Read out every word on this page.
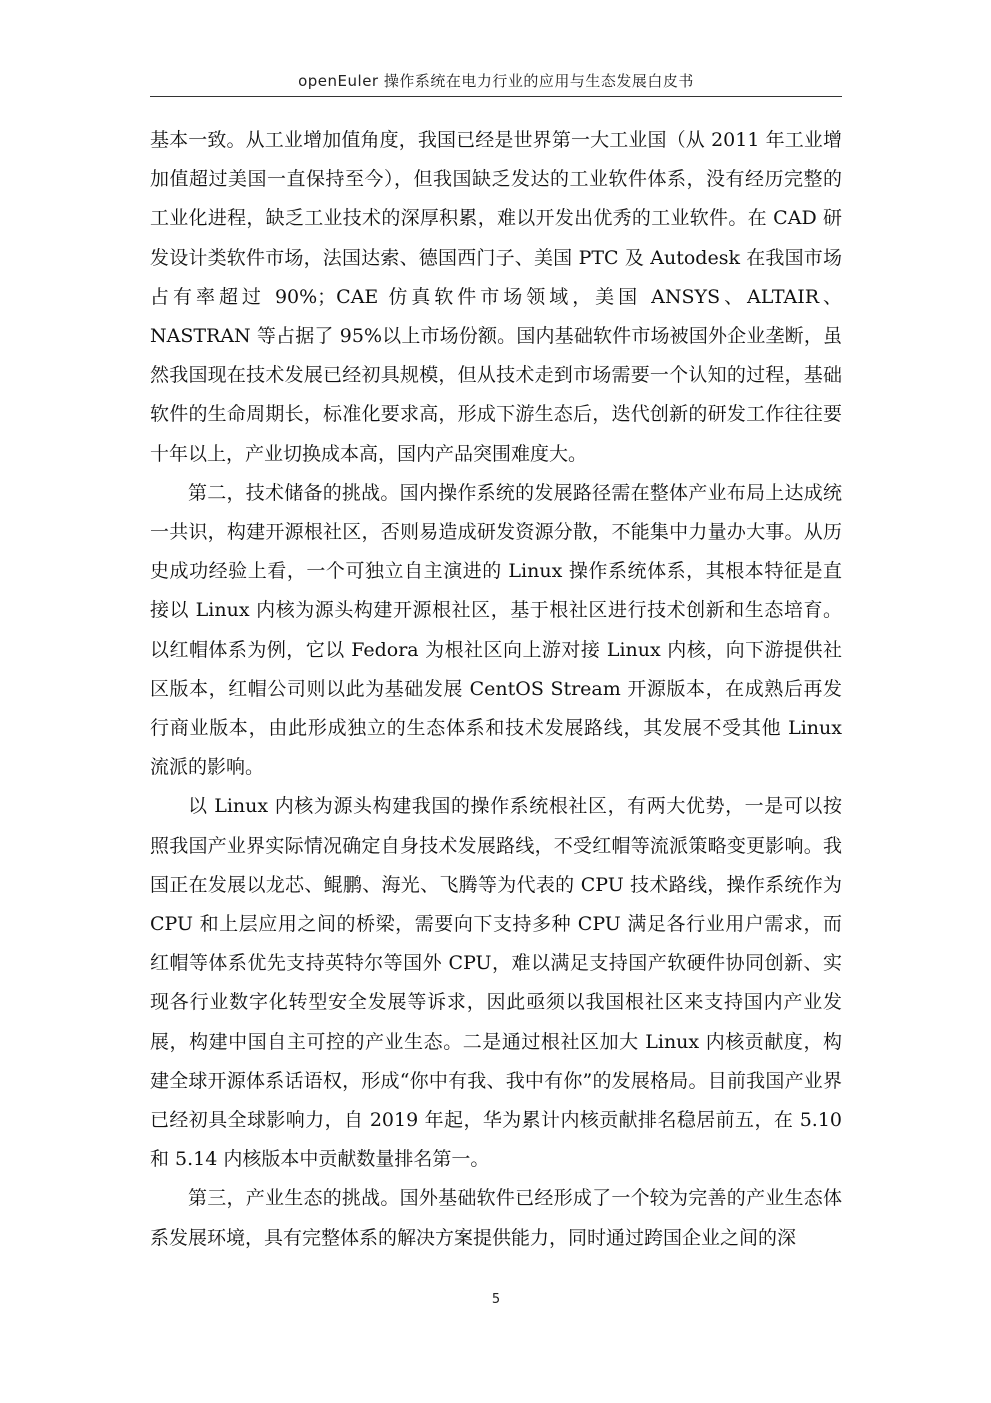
openEuler 操作系统在电力行业的应用与生态发展白皮书

基本一致。从工业增加值角度，我国已经是世界第一大工业国（从 2011 年工业增加值超过美国一直保持至今），但我国缺乏发达的工业软件体系，没有经历完整的工业化进程，缺乏工业技术的深厚积累，难以开发出优秀的工业软件。在 CAD 研发设计类软件市场，法国达索、德国西门子、美国 PTC 及 Autodesk 在我国市场占有率超过 90%；CAE 仿真软件市场领域，美国 ANSYS、ALTAIR、NASTRAN 等占据了 95%以上市场份额。国内基础软件市场被国外企业垄断，虽然我国现在技术发展已经初具规模，但从技术走到市场需要一个认知的过程，基础软件的生命周期长，标准化要求高，形成下游生态后，迭代创新的研发工作往往要十年以上，产业切换成本高，国内产品突围难度大。

第二，技术储备的挑战。国内操作系统的发展路径需在整体产业布局上达成统一共识，构建开源根社区，否则易造成研发资源分散，不能集中力量办大事。从历史成功经验上看，一个可独立自主演进的 Linux 操作系统体系，其根本特征是直接以 Linux 内核为源头构建开源根社区，基于根社区进行技术创新和生态培育。以红帽体系为例，它以 Fedora 为根社区向上游对接 Linux 内核，向下游提供社区版本，红帽公司则以此为基础发展 CentOS Stream 开源版本，在成熟后再发行商业版本，由此形成独立的生态体系和技术发展路线，其发展不受其他 Linux 流派的影响。

以 Linux 内核为源头构建我国的操作系统根社区，有两大优势，一是可以按照我国产业界实际情况确定自身技术发展路线，不受红帽等流派策略变更影响。我国正在发展以龙芯、鲲鹏、海光、飞腾等为代表的 CPU 技术路线，操作系统作为 CPU 和上层应用之间的桥梁，需要向下支持多种 CPU 满足各行业用户需求，而红帽等体系优先支持英特尔等国外 CPU，难以满足支持国产软硬件协同创新、实现各行业数字化转型安全发展等诉求，因此亟须以我国根社区来支持国内产业发展，构建中国自主可控的产业生态。二是通过根社区加大 Linux 内核贡献度，构建全球开源体系话语权，形成“你中有我、我中有你”的发展格局。目前我国产业界已经初具全球影响力，自 2019 年起，华为累计内核贡献排名稳居前五，在 5.10 和 5.14 内核版本中贡献数量排名第一。

第三，产业生态的挑战。国外基础软件已经形成了一个较为完善的产业生态体系发展环境，具有完整体系的解决方案提供能力，同时通过跨国企业之间的深

5
